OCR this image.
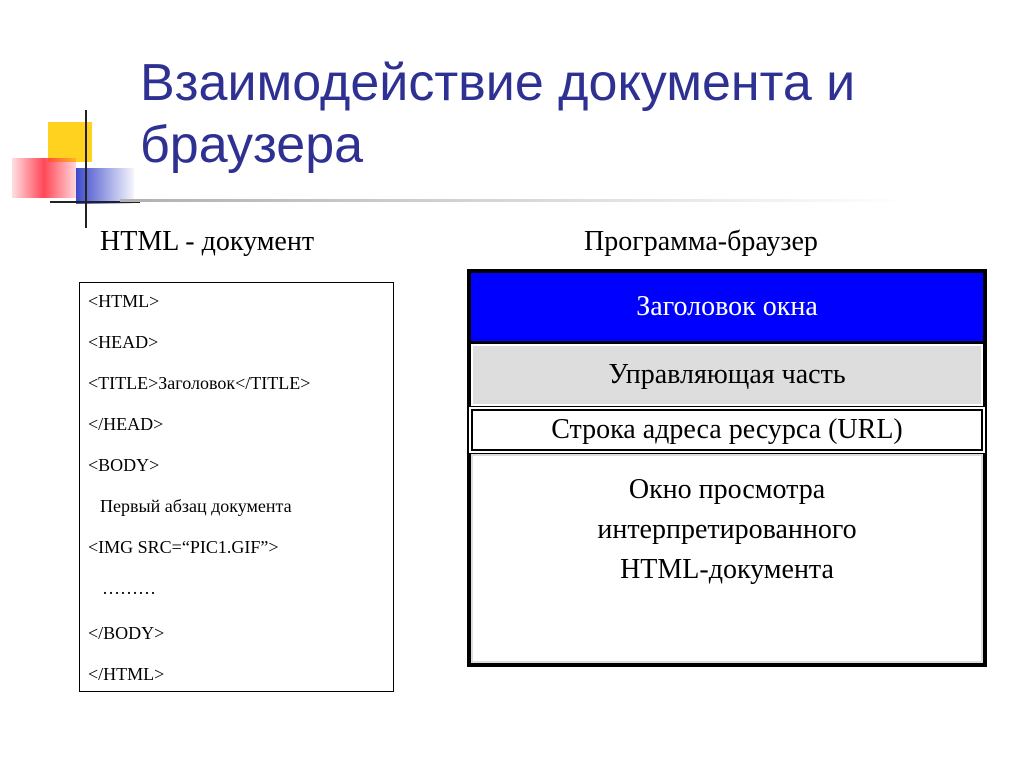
Взаимодействие документа и браузера
HTML - документ	Программа-браузер
<HTML>
<HEAD>
<TITLE>Заголовок</TITLE>
</HEAD>
<BODY>
Первый абзац документа
<IMG SRC=“PIC1.GIF”>
………
</BODY>
</HTML>
Заголовок окна
Управляющая часть
Строка адреса ресурса (URL)
Окно просмотра интерпретированного HTML-документа
